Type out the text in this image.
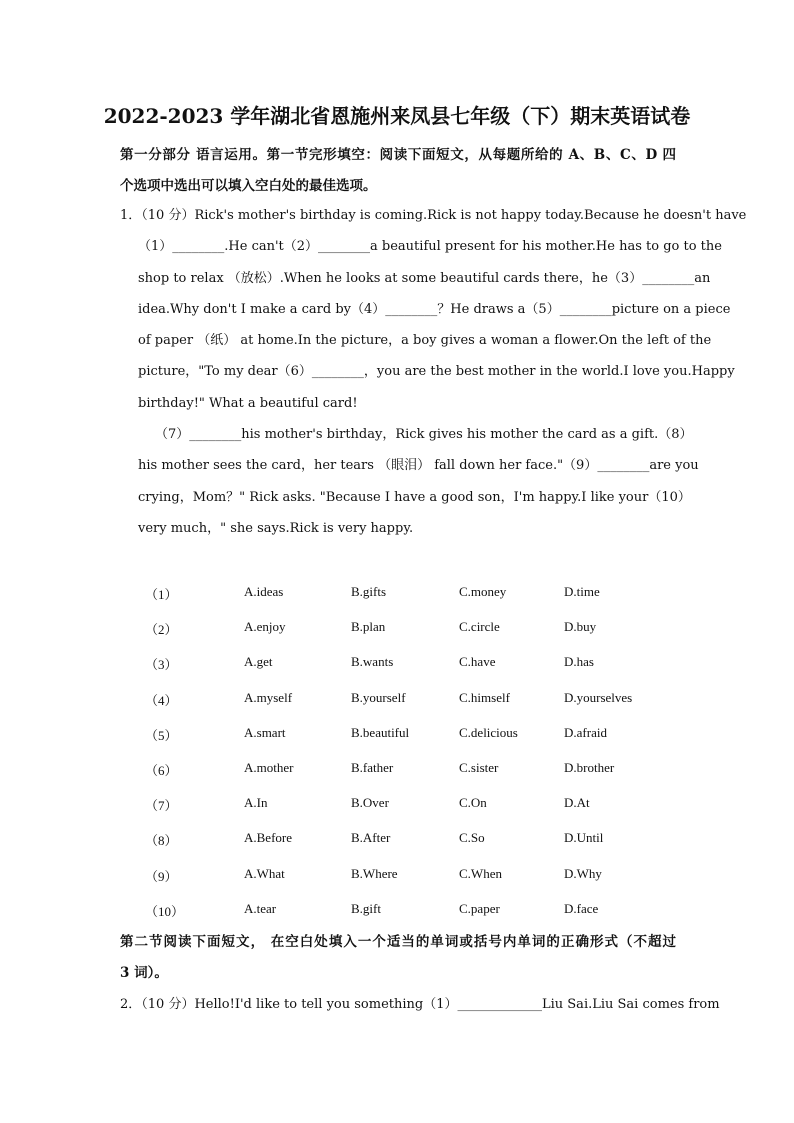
2022-2023 学年湖北省恩施州来凤县七年级（下）期末英语试卷
第一分部分 语言运用。第一节完形填空：阅读下面短文，从每题所给的 A、B、C、D 四
个选项中选出可以填入空白处的最佳选项。
1．（10 分）Rick's mother's birthday is coming.Rick is not happy today.Because he doesn't have
（1）________.He can't（2）________a beautiful present for his mother.He has to go to the
shop to relax （放松）.When he looks at some beautiful cards there，he（3）________an
idea.Why don't I make a card by（4）________？He draws a（5）________picture on a piece
of paper （纸） at home.In the picture，a boy gives a woman a flower.On the left of the
picture，"To my dear（6）________，you are the best mother in the world.I love you.Happy
birthday!" What a beautiful card!
（7）________his mother's birthday，Rick gives his mother the card as a gift.（8）
his mother sees the card，her tears （眼泪） fall down her face."（9）________are you
crying，Mom？" Rick asks. "Because I have a good son，I'm happy.I like your（10）
very much，" she says.Rick is very happy.
（1）	A.ideas	B.gifts	C.money	D.time
（2）	A.enjoy	B.plan	C.circle	D.buy
（3）	A.get	B.wants	C.have	D.has
（4）	A.myself	B.yourself	C.himself	D.yourselves
（5）	A.smart	B.beautiful	C.delicious	D.afraid
（6）	A.mother	B.father	C.sister	D.brother
（7）	A.In	B.Over	C.On	D.At
（8）	A.Before	B.After	C.So	D.Until
（9）	A.What	B.Where	C.When	D.Why
（10）	A.tear	B.gift	C.paper	D.face
第二节阅读下面短文， 在空白处填入一个适当的单词或括号内单词的正确形式（不超过
3 词）。
2．（10 分）Hello!I'd like to tell you something（1）_____________Liu Sai.Liu Sai comes from
